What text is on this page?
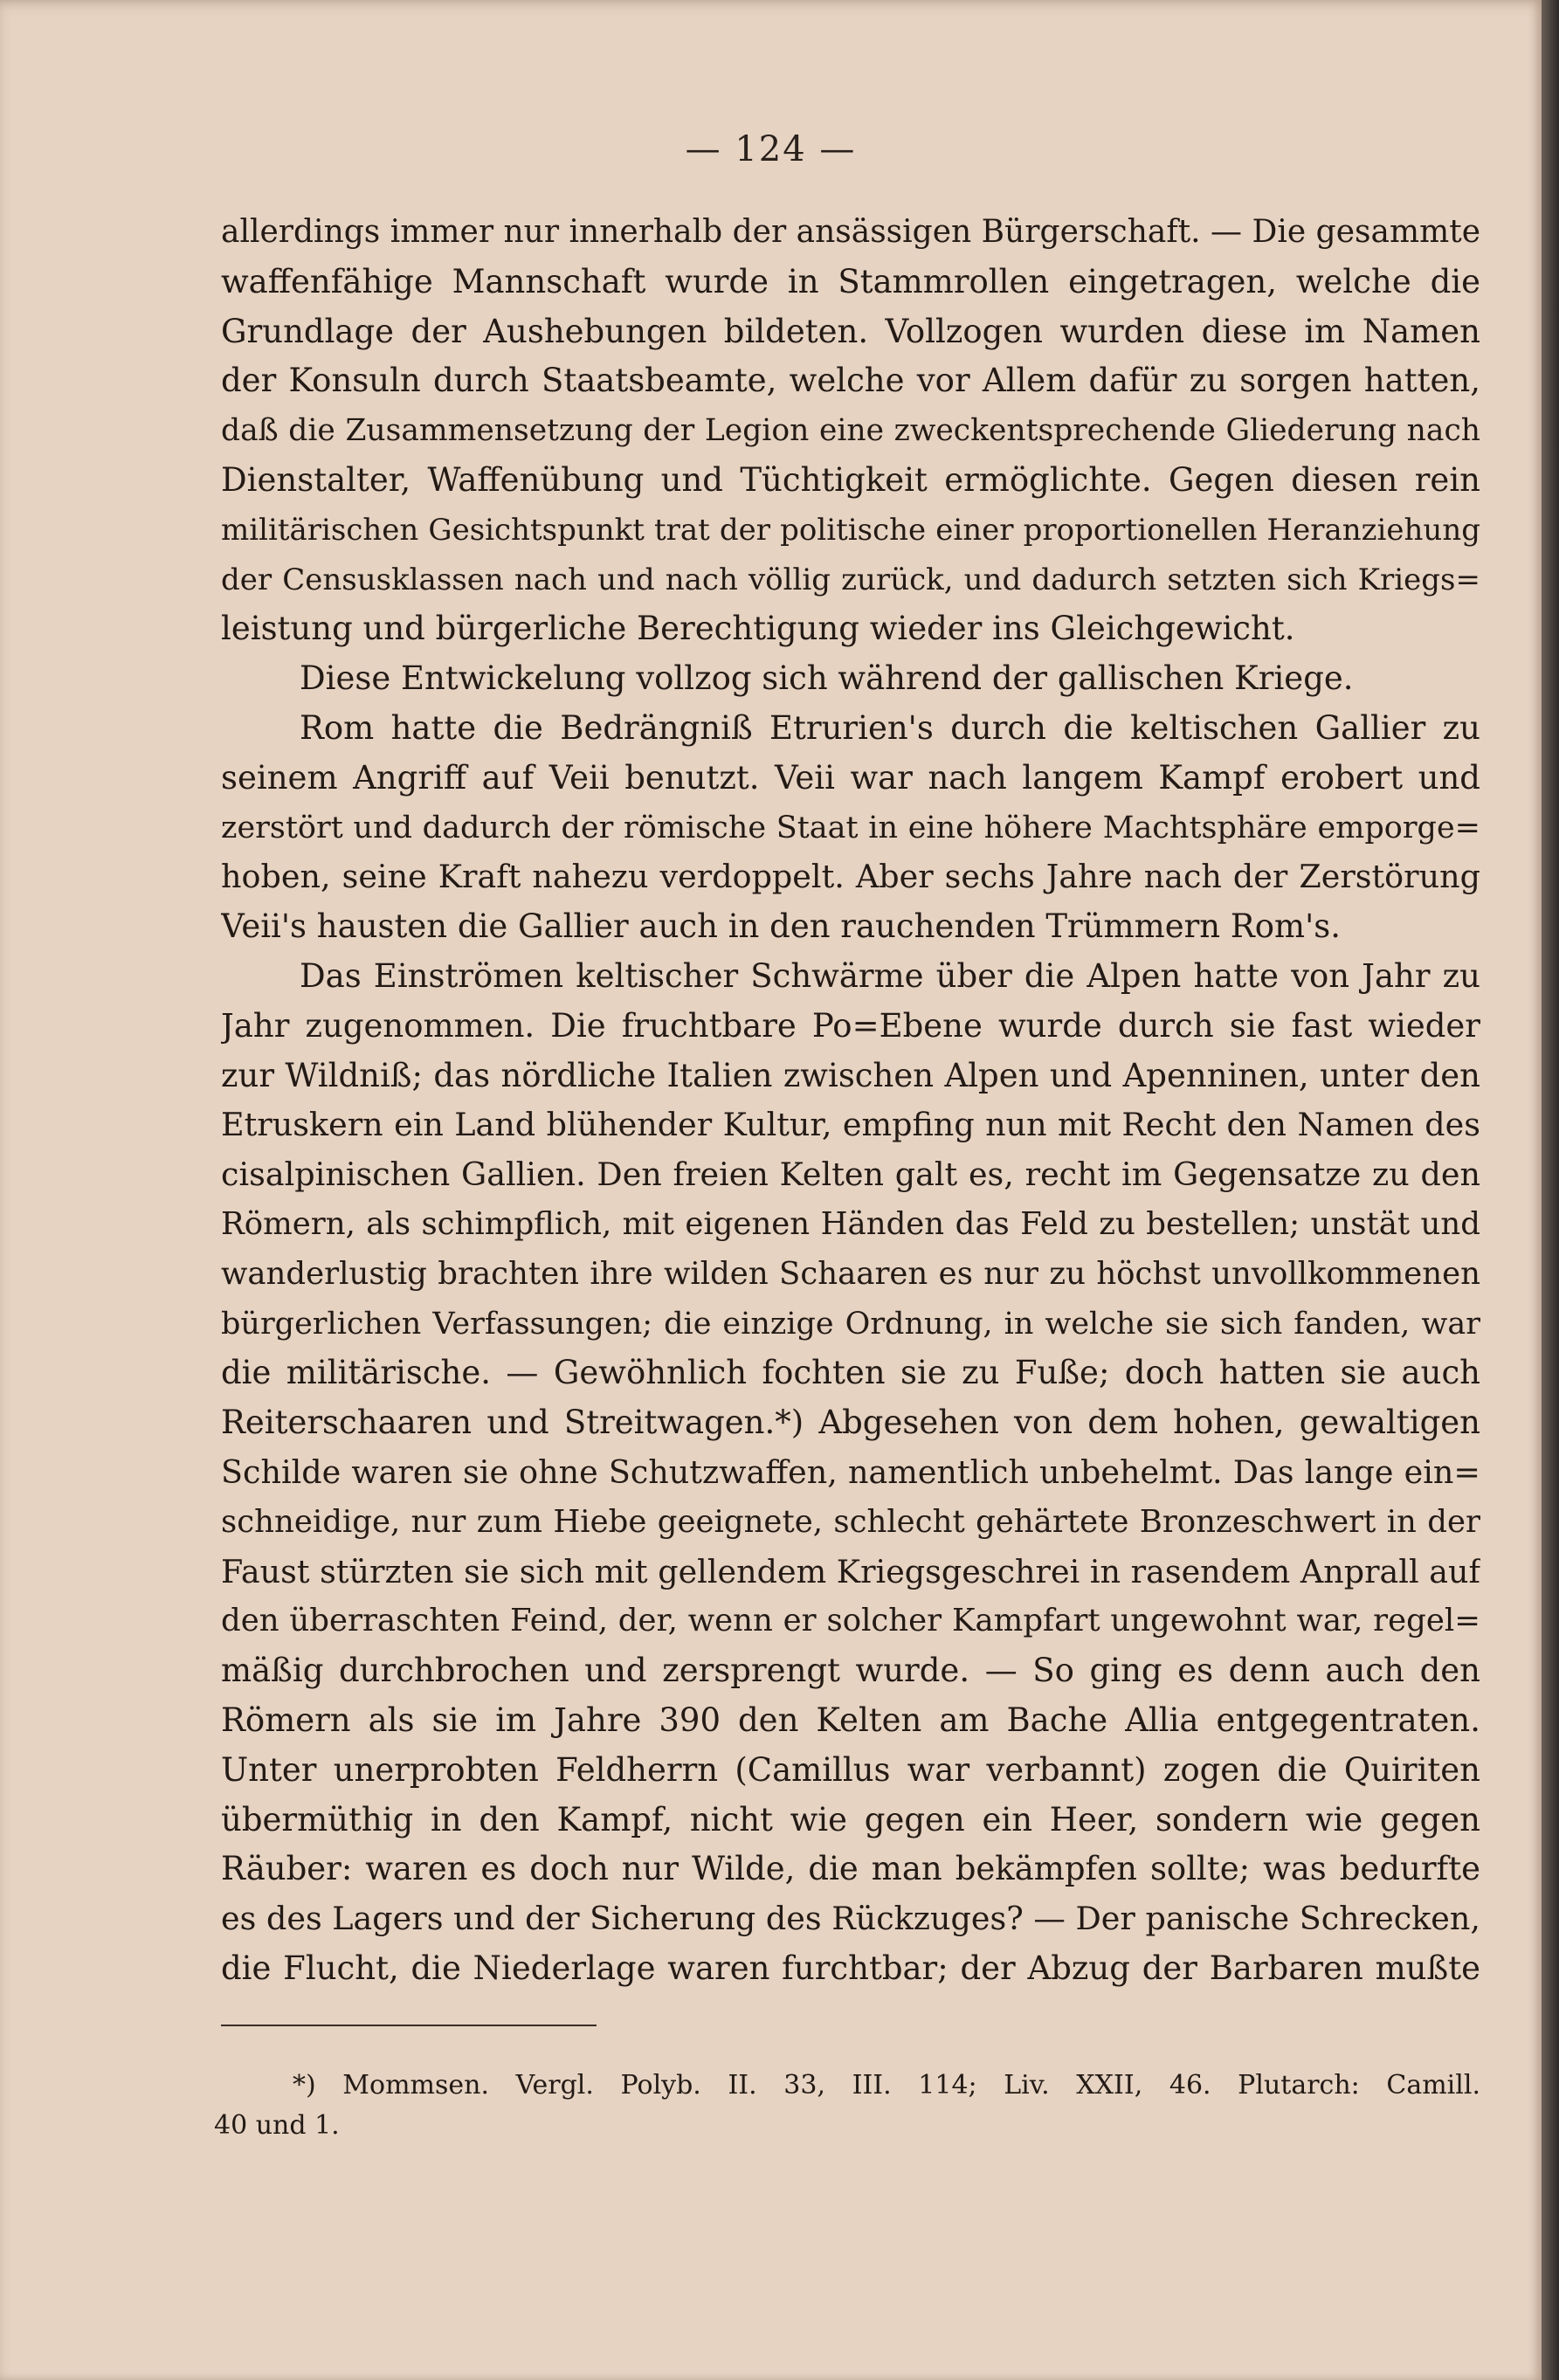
— 124 —
allerdings immer nur innerhalb der ansässigen Bürgerschaft. — Die gesammte
waffenfähige Mannschaft wurde in Stammrollen eingetragen, welche die
Grundlage der Aushebungen bildeten. Vollzogen wurden diese im Namen
der Konsuln durch Staatsbeamte, welche vor Allem dafür zu sorgen hatten,
daß die Zusammensetzung der Legion eine zweckentsprechende Gliederung nach
Dienstalter, Waffenübung und Tüchtigkeit ermöglichte. Gegen diesen rein
militärischen Gesichtspunkt trat der politische einer proportionellen Heranziehung
der Censusklassen nach und nach völlig zurück, und dadurch setzten sich Kriegs=
leistung und bürgerliche Berechtigung wieder ins Gleichgewicht.
Diese Entwickelung vollzog sich während der gallischen Kriege.
Rom hatte die Bedrängniß Etrurien's durch die keltischen Gallier zu
seinem Angriff auf Veii benutzt. Veii war nach langem Kampf erobert und
zerstört und dadurch der römische Staat in eine höhere Machtsphäre emporge=
hoben, seine Kraft nahezu verdoppelt. Aber sechs Jahre nach der Zerstörung
Veii's hausten die Gallier auch in den rauchenden Trümmern Rom's.
Das Einströmen keltischer Schwärme über die Alpen hatte von Jahr zu
Jahr zugenommen. Die fruchtbare Po=Ebene wurde durch sie fast wieder
zur Wildniß; das nördliche Italien zwischen Alpen und Apenninen, unter den
Etruskern ein Land blühender Kultur, empfing nun mit Recht den Namen des
cisalpinischen Gallien. Den freien Kelten galt es, recht im Gegensatze zu den
Römern, als schimpflich, mit eigenen Händen das Feld zu bestellen; unstät und
wanderlustig brachten ihre wilden Schaaren es nur zu höchst unvollkommenen
bürgerlichen Verfassungen; die einzige Ordnung, in welche sie sich fanden, war
die militärische. — Gewöhnlich fochten sie zu Fuße; doch hatten sie auch
Reiterschaaren und Streitwagen.*) Abgesehen von dem hohen, gewaltigen
Schilde waren sie ohne Schutzwaffen, namentlich unbehelmt. Das lange ein=
schneidige, nur zum Hiebe geeignete, schlecht gehärtete Bronzeschwert in der
Faust stürzten sie sich mit gellendem Kriegsgeschrei in rasendem Anprall auf
den überraschten Feind, der, wenn er solcher Kampfart ungewohnt war, regel=
mäßig durchbrochen und zersprengt wurde. — So ging es denn auch den
Römern als sie im Jahre 390 den Kelten am Bache Allia entgegentraten.
Unter unerprobten Feldherrn (Camillus war verbannt) zogen die Quiriten
übermüthig in den Kampf, nicht wie gegen ein Heer, sondern wie gegen
Räuber: waren es doch nur Wilde, die man bekämpfen sollte; was bedurfte
es des Lagers und der Sicherung des Rückzuges? — Der panische Schrecken,
die Flucht, die Niederlage waren furchtbar; der Abzug der Barbaren mußte
*) Mommsen. Vergl. Polyb. II. 33, III. 114; Liv. XXII, 46. Plutarch: Camill.
40 und 1.
